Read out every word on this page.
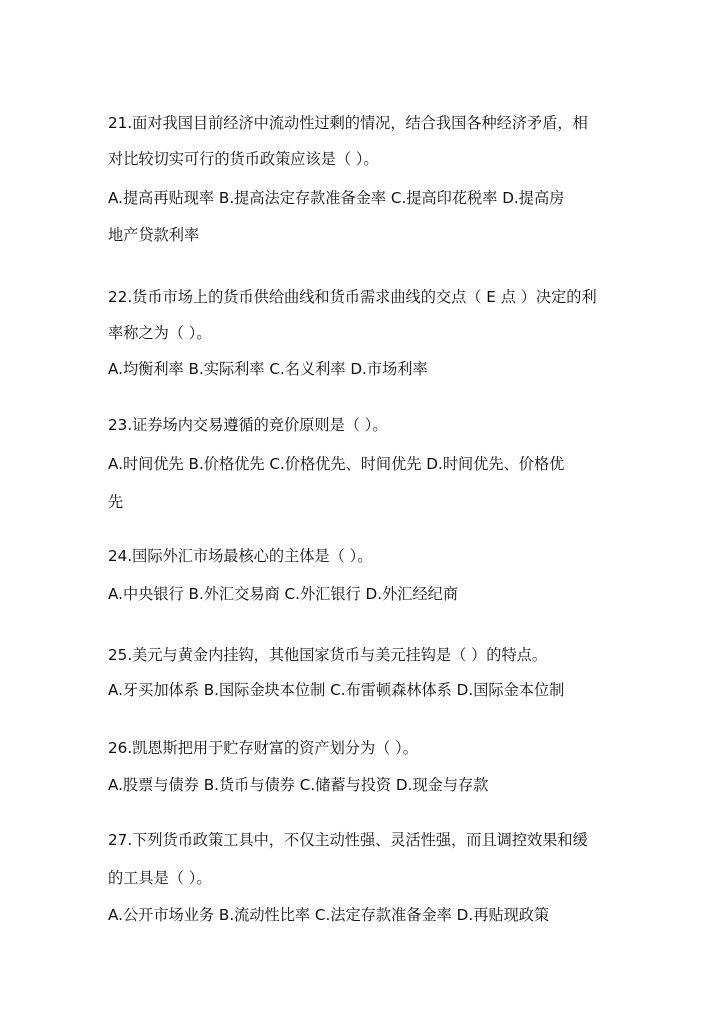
21.面对我国目前经济中流动性过剩的情况，结合我国各种经济矛盾，相
对比较切实可行的货币政策应该是（ ）。
A.提高再贴现率 B.提高法定存款准备金率 C.提高印花税率 D.提高房
地产贷款利率
22.货币市场上的货币供给曲线和货币需求曲线的交点（ E 点 ）决定的利
率称之为（ ）。
A.均衡利率 B.实际利率 C.名义利率 D.市场利率
23.证券场内交易遵循的竞价原则是（ ）。
A.时间优先 B.价格优先 C.价格优先、时间优先 D.时间优先、价格优
先
24.国际外汇市场最核心的主体是（ ）。
A.中央银行 B.外汇交易商 C.外汇银行 D.外汇经纪商
25.美元与黄金内挂钩，其他国家货币与美元挂钩是（ ）的特点。
A.牙买加体系 B.国际金块本位制 C.布雷顿森林体系 D.国际金本位制
26.凯恩斯把用于贮存财富的资产划分为（ ）。
A.股票与债券 B.货币与债券 C.储蓄与投资 D.现金与存款
27.下列货币政策工具中，不仅主动性强、灵活性强，而且调控效果和缓
的工具是（ ）。
A.公开市场业务 B.流动性比率 C.法定存款准备金率 D.再贴现政策
